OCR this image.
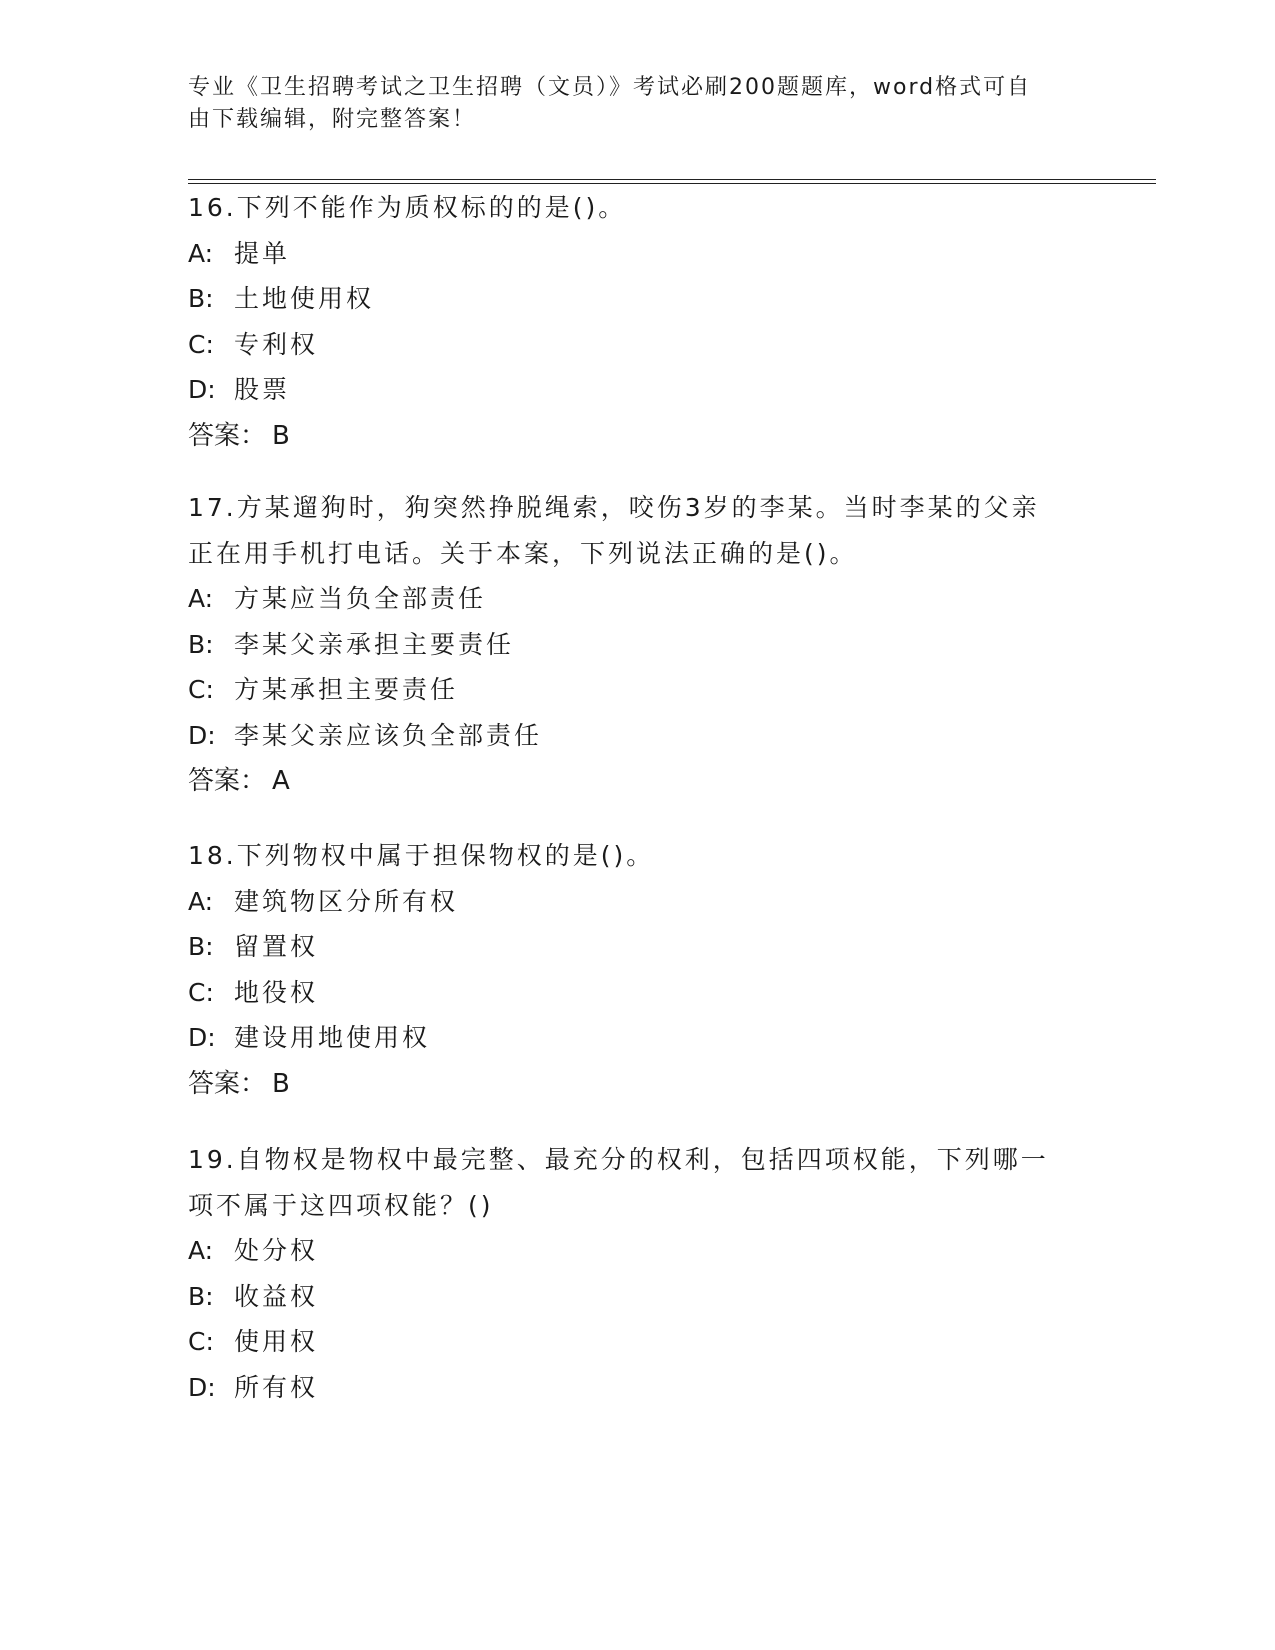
专业《卫生招聘考试之卫生招聘（文员）》考试必刷200题题库，word格式可自
由下载编辑，附完整答案！
16.下列不能作为质权标的的是()。
A: 提单
B: 土地使用权
C: 专利权
D: 股票
答案： B
17.方某遛狗时，狗突然挣脱绳索，咬伤3岁的李某。当时李某的父亲
正在用手机打电话。关于本案，下列说法正确的是()。
A: 方某应当负全部责任
B: 李某父亲承担主要责任
C: 方某承担主要责任
D: 李某父亲应该负全部责任
答案： A
18.下列物权中属于担保物权的是()。
A: 建筑物区分所有权
B: 留置权
C: 地役权
D: 建设用地使用权
答案： B
19.自物权是物权中最完整、最充分的权利，包括四项权能，下列哪一
项不属于这四项权能？()
A: 处分权
B: 收益权
C: 使用权
D: 所有权
